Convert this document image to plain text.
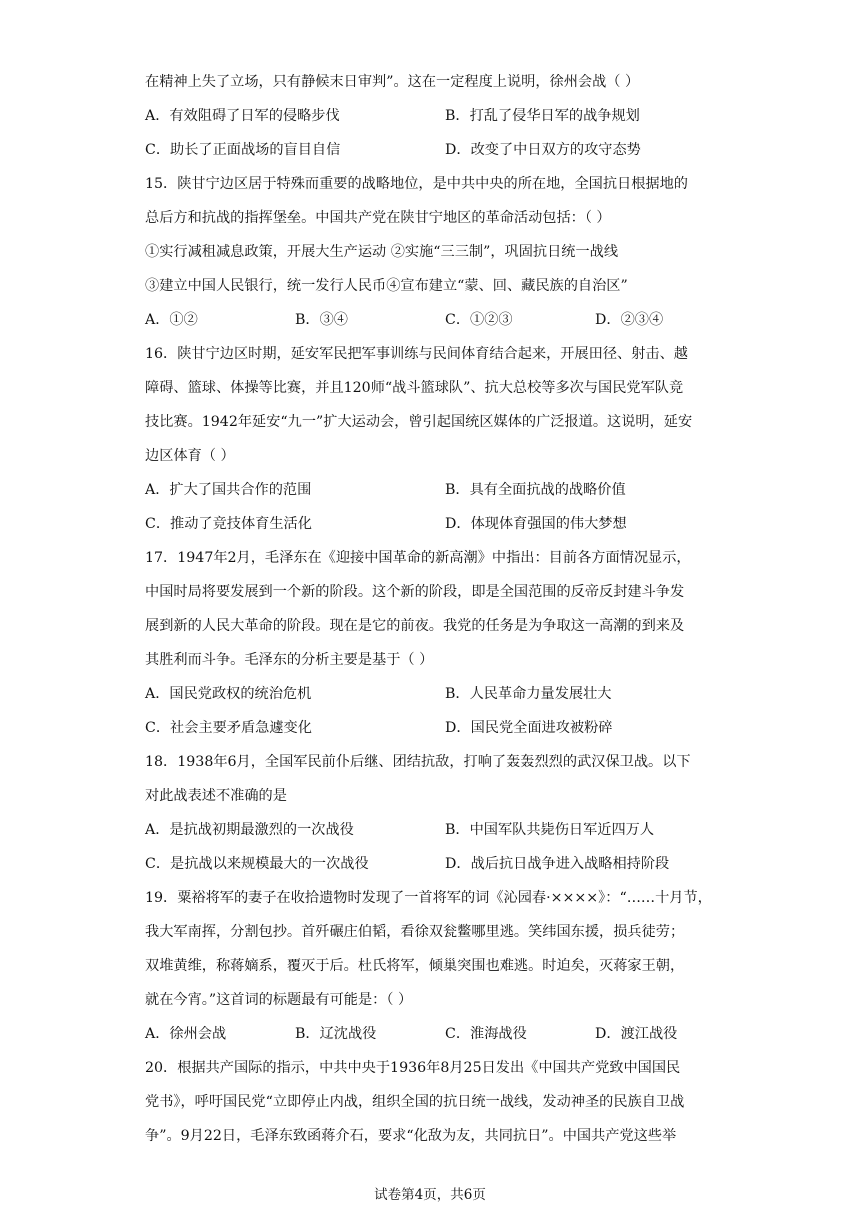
在精神上失了立场，只有静候末日审判”。这在一定程度上说明，徐州会战（ ）
A．有效阻碍了日军的侵略步伐	B．打乱了侵华日军的战争规划
C．助长了正面战场的盲目自信	D．改变了中日双方的攻守态势
15．陕甘宁边区居于特殊而重要的战略地位，是中共中央的所在地，全国抗日根据地的
总后方和抗战的指挥堡垒。中国共产党在陕甘宁地区的革命活动包括：（ ）
①实行减租减息政策，开展大生产运动 ②实施“三三制”，巩固抗日统一战线
③建立中国人民银行，统一发行人民币④宣布建立“蒙、回、藏民族的自治区”
A．①②	B．③④	C．①②③	D．②③④
16．陕甘宁边区时期，延安军民把军事训练与民间体育结合起来，开展田径、射击、越
障碍、篮球、体操等比赛，并且120师“战斗篮球队”、抗大总校等多次与国民党军队竞
技比赛。1942年延安“九一”扩大运动会，曾引起国统区媒体的广泛报道。这说明，延安
边区体育（ ）
A．扩大了国共合作的范围	B．具有全面抗战的战略价值
C．推动了竞技体育生活化	D．体现体育强国的伟大梦想
17．1947年2月，毛泽东在《迎接中国革命的新高潮》中指出：目前各方面情况显示，
中国时局将要发展到一个新的阶段。这个新的阶段，即是全国范围的反帝反封建斗争发
展到新的人民大革命的阶段。现在是它的前夜。我党的任务是为争取这一高潮的到来及
其胜利而斗争。毛泽东的分析主要是基于（ ）
A．国民党政权的统治危机	B．人民革命力量发展壮大
C．社会主要矛盾急遽变化	D．国民党全面进攻被粉碎
18．1938年6月，全国军民前仆后继、团结抗敌，打响了轰轰烈烈的武汉保卫战。以下
对此战表述不准确的是
A．是抗战初期最激烈的一次战役	B．中国军队共毙伤日军近四万人
C．是抗战以来规模最大的一次战役	D．战后抗日战争进入战略相持阶段
19．粟裕将军的妻子在收拾遗物时发现了一首将军的词《沁园春·××××》：“……十月节，
我大军南挥，分割包抄。首歼碾庄伯韬，看徐双瓮鳖哪里逃。笑纬国东援，损兵徒劳；
双堆黄维，称蒋嫡系，覆灭于后。杜氏将军，倾巢突围也难逃。时迫矣，灭蒋家王朝，
就在今宵。”这首词的标题最有可能是：（ ）
A．徐州会战	B．辽沈战役	C．淮海战役	D．渡江战役
20．根据共产国际的指示，中共中央于1936年8月25日发出《中国共产党致中国国民
党书》，呼吁国民党“立即停止内战，组织全国的抗日统一战线，发动神圣的民族自卫战
争”。9月22日，毛泽东致函蒋介石，要求“化敌为友，共同抗日”。中国共产党这些举
试卷第4页，共6页
